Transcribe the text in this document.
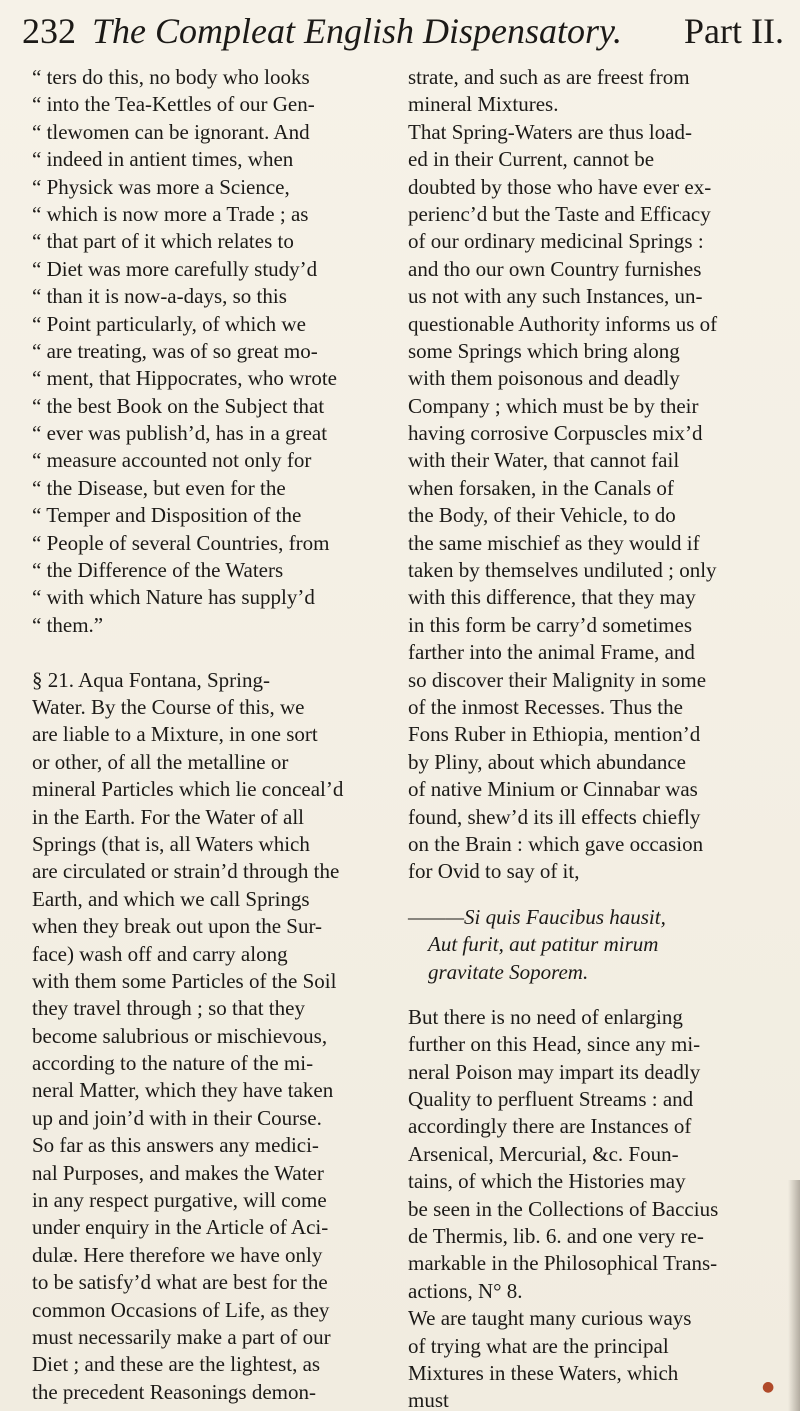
232 The Compleat English Dispensatory. Part II.
“ ters do this, no body who looks
“ into the Tea-Kettles of our Gen-
“ tlewomen can be ignorant. And
“ indeed in antient times, when
“ Physick was more a Science,
“ which is now more a Trade ; as
“ that part of it which relates to
“ Diet was more carefully study’d
“ than it is now-a-days, so this
“ Point particularly, of which we
“ are treating, was of so great mo-
“ ment, that Hippocrates, who wrote
“ the best Book on the Subject that
“ ever was publish’d, has in a great
“ measure accounted not only for
“ the Disease, but even for the
“ Temper and Disposition of the
“ People of several Countries, from
“ the Difference of the Waters
“ with which Nature has supply’d
“ them.”

§ 21. Aqua Fontana, Spring-
Water. By the Course of this, we
are liable to a Mixture, in one sort
or other, of all the metalline or
mineral Particles which lie conceal’d
in the Earth. For the Water of all
Springs (that is, all Waters which
are circulated or strain’d through the
Earth, and which we call Springs
when they break out upon the Sur-
face) wash off and carry along
with them some Particles of the Soil
they travel through ; so that they
become salubrious or mischievous,
according to the nature of the mi-
neral Matter, which they have taken
up and join’d with in their Course.
So far as this answers any medici-
nal Purposes, and makes the Water
in any respect purgative, will come
under enquiry in the Article of Aci-
dulæ. Here therefore we have only
to be satisfy’d what are best for the
common Occasions of Life, as they
must necessarily make a part of our
Diet ; and these are the lightest, as
the precedent Reasonings demon-
strate, and such as are freest from
mineral Mixtures.
That Spring-Waters are thus load-
ed in their Current, cannot be
doubted by those who have ever ex-
perienc’d but the Taste and Efficacy
of our ordinary medicinal Springs :
and tho our own Country furnishes
us not with any such Instances, un-
questionable Authority informs us of
some Springs which bring along
with them poisonous and deadly
Company ; which must be by their
having corrosive Corpuscles mix’d
with their Water, that cannot fail
when forsaken, in the Canals of
the Body, of their Vehicle, to do
the same mischief as they would if
taken by themselves undiluted ; only
with this difference, that they may
in this form be carry’d sometimes
farther into the animal Frame, and
so discover their Malignity in some
of the inmost Recesses. Thus the
Fons Ruber in Ethiopia, mention’d
by Pliny, about which abundance
of native Minium or Cinnabar was
found, shew’d its ill effects chiefly
on the Brain : which gave occasion
for Ovid to say of it,
———Si quis Faucibus hausit,
Aut furit, aut patitur mirum
gravitate Soporem.
But there is no need of enlarging
further on this Head, since any mi-
neral Poison may impart its deadly
Quality to perfluent Streams : and
accordingly there are Instances of
Arsenical, Mercurial, &c. Foun-
tains, of which the Histories may
be seen in the Collections of Baccius
de Thermis, lib. 6. and one very re-
markable in the Philosophical Trans-
actions, N° 8.
We are taught many curious ways
of trying what are the principal
Mixtures in these Waters, which
must
●
